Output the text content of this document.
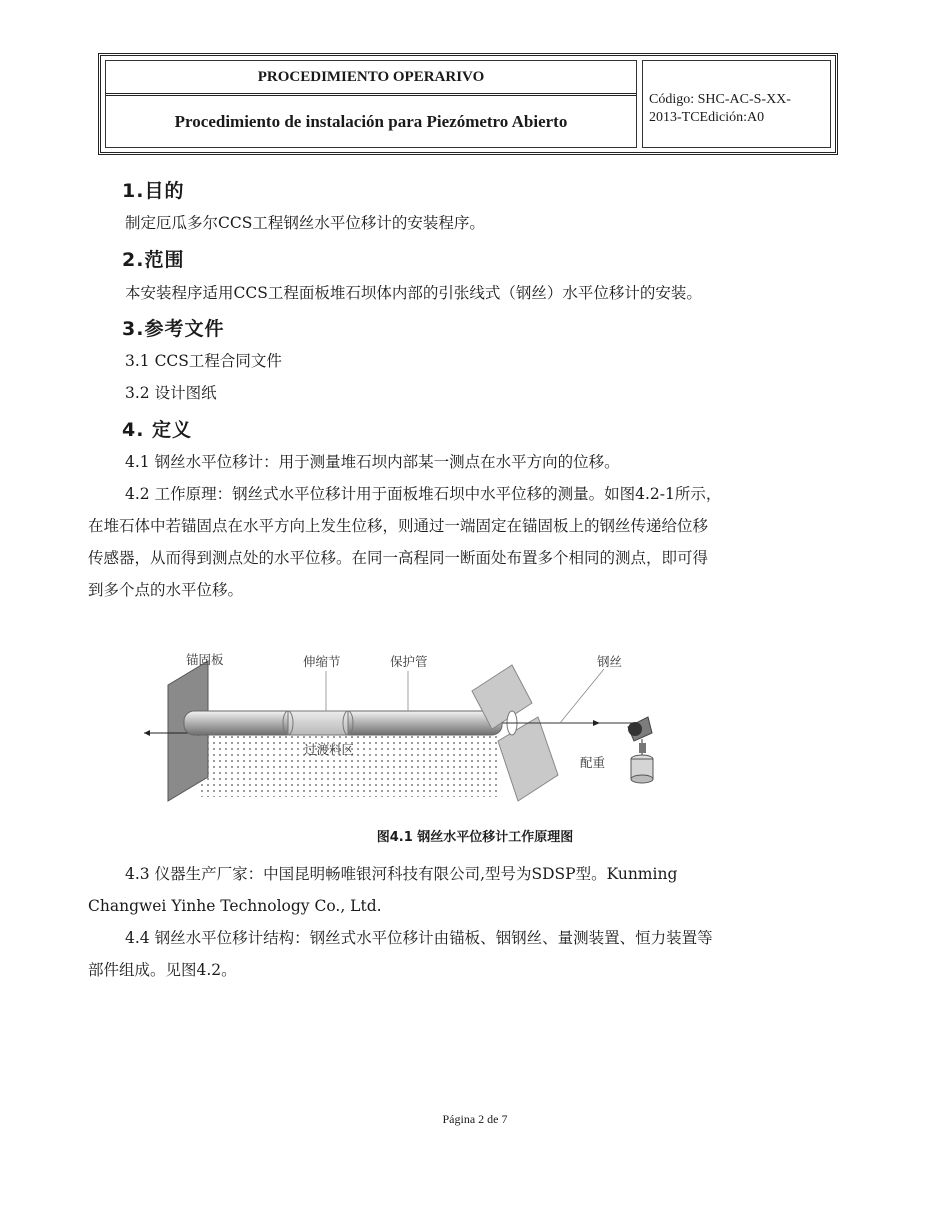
PROCEDIMIENTO OPERARIVO
Procedimiento de instalación para Piezómetro Abierto
Código: SHC-AC-S-XX-
2013-TCEdición:A0
1.目的

制定厄瓜多尔CCS工程钢丝水平位移计的安装程序。

2.范围

本安装程序适用CCS工程面板堆石坝体内部的引张线式（钢丝）水平位移计的安装。

3.参考文件

3.1 CCS工程合同文件

3.2 设计图纸

4. 定义

4.1 钢丝水平位移计：用于测量堆石坝内部某一测点在水平方向的位移。

4.2 工作原理：钢丝式水平位移计用于面板堆石坝中水平位移的测量。如图4.2-1所示，
在堆石体中若锚固点在水平方向上发生位移，则通过一端固定在锚固板上的钢丝传递给位移
传感器，从而得到测点处的水平位移。在同一高程同一断面处布置多个相同的测点，即可得
到多个点的水平位移。
锚固板	伸缩节	保护管	钢丝
过渡料区
配重
图4.1 钢丝水平位移计工作原理图
4.3 仪器生产厂家：中国昆明畅唯银河科技有限公司,型号为SDSP型。Kunming
Changwei Yinhe Technology Co., Ltd.
4.4 钢丝水平位移计结构：钢丝式水平位移计由锚板、铟钢丝、量测装置、恒力装置等
部件组成。见图4.2。
Página 2 de 7
